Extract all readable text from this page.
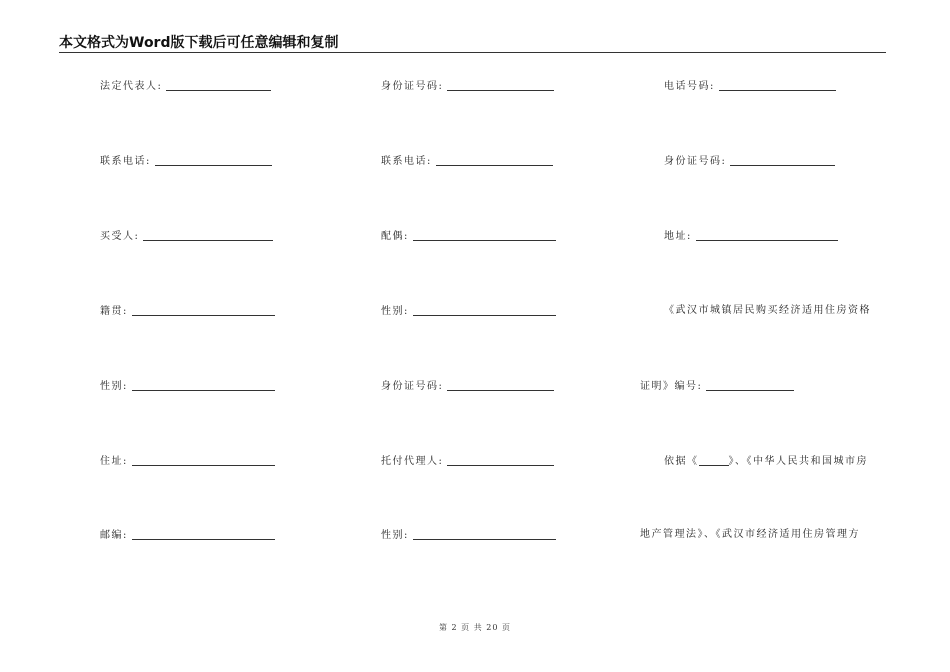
本文格式为Word版下载后可任意编辑和复制
法定代表人:
联系电话:
买受人:
籍贯:
性别:
住址:
邮编:
身份证号码:
联系电话:
配偶:
性别:
身份证号码:
托付代理人:
性别:
电话号码:
身份证号码:
地址:
《武汉市城镇居民购买经济适用住房资格
证明》编号:
依据《	》、《中华人民共和国城市房
地产管理法》、《武汉市经济适用住房管理方
第 2 页 共 20 页
